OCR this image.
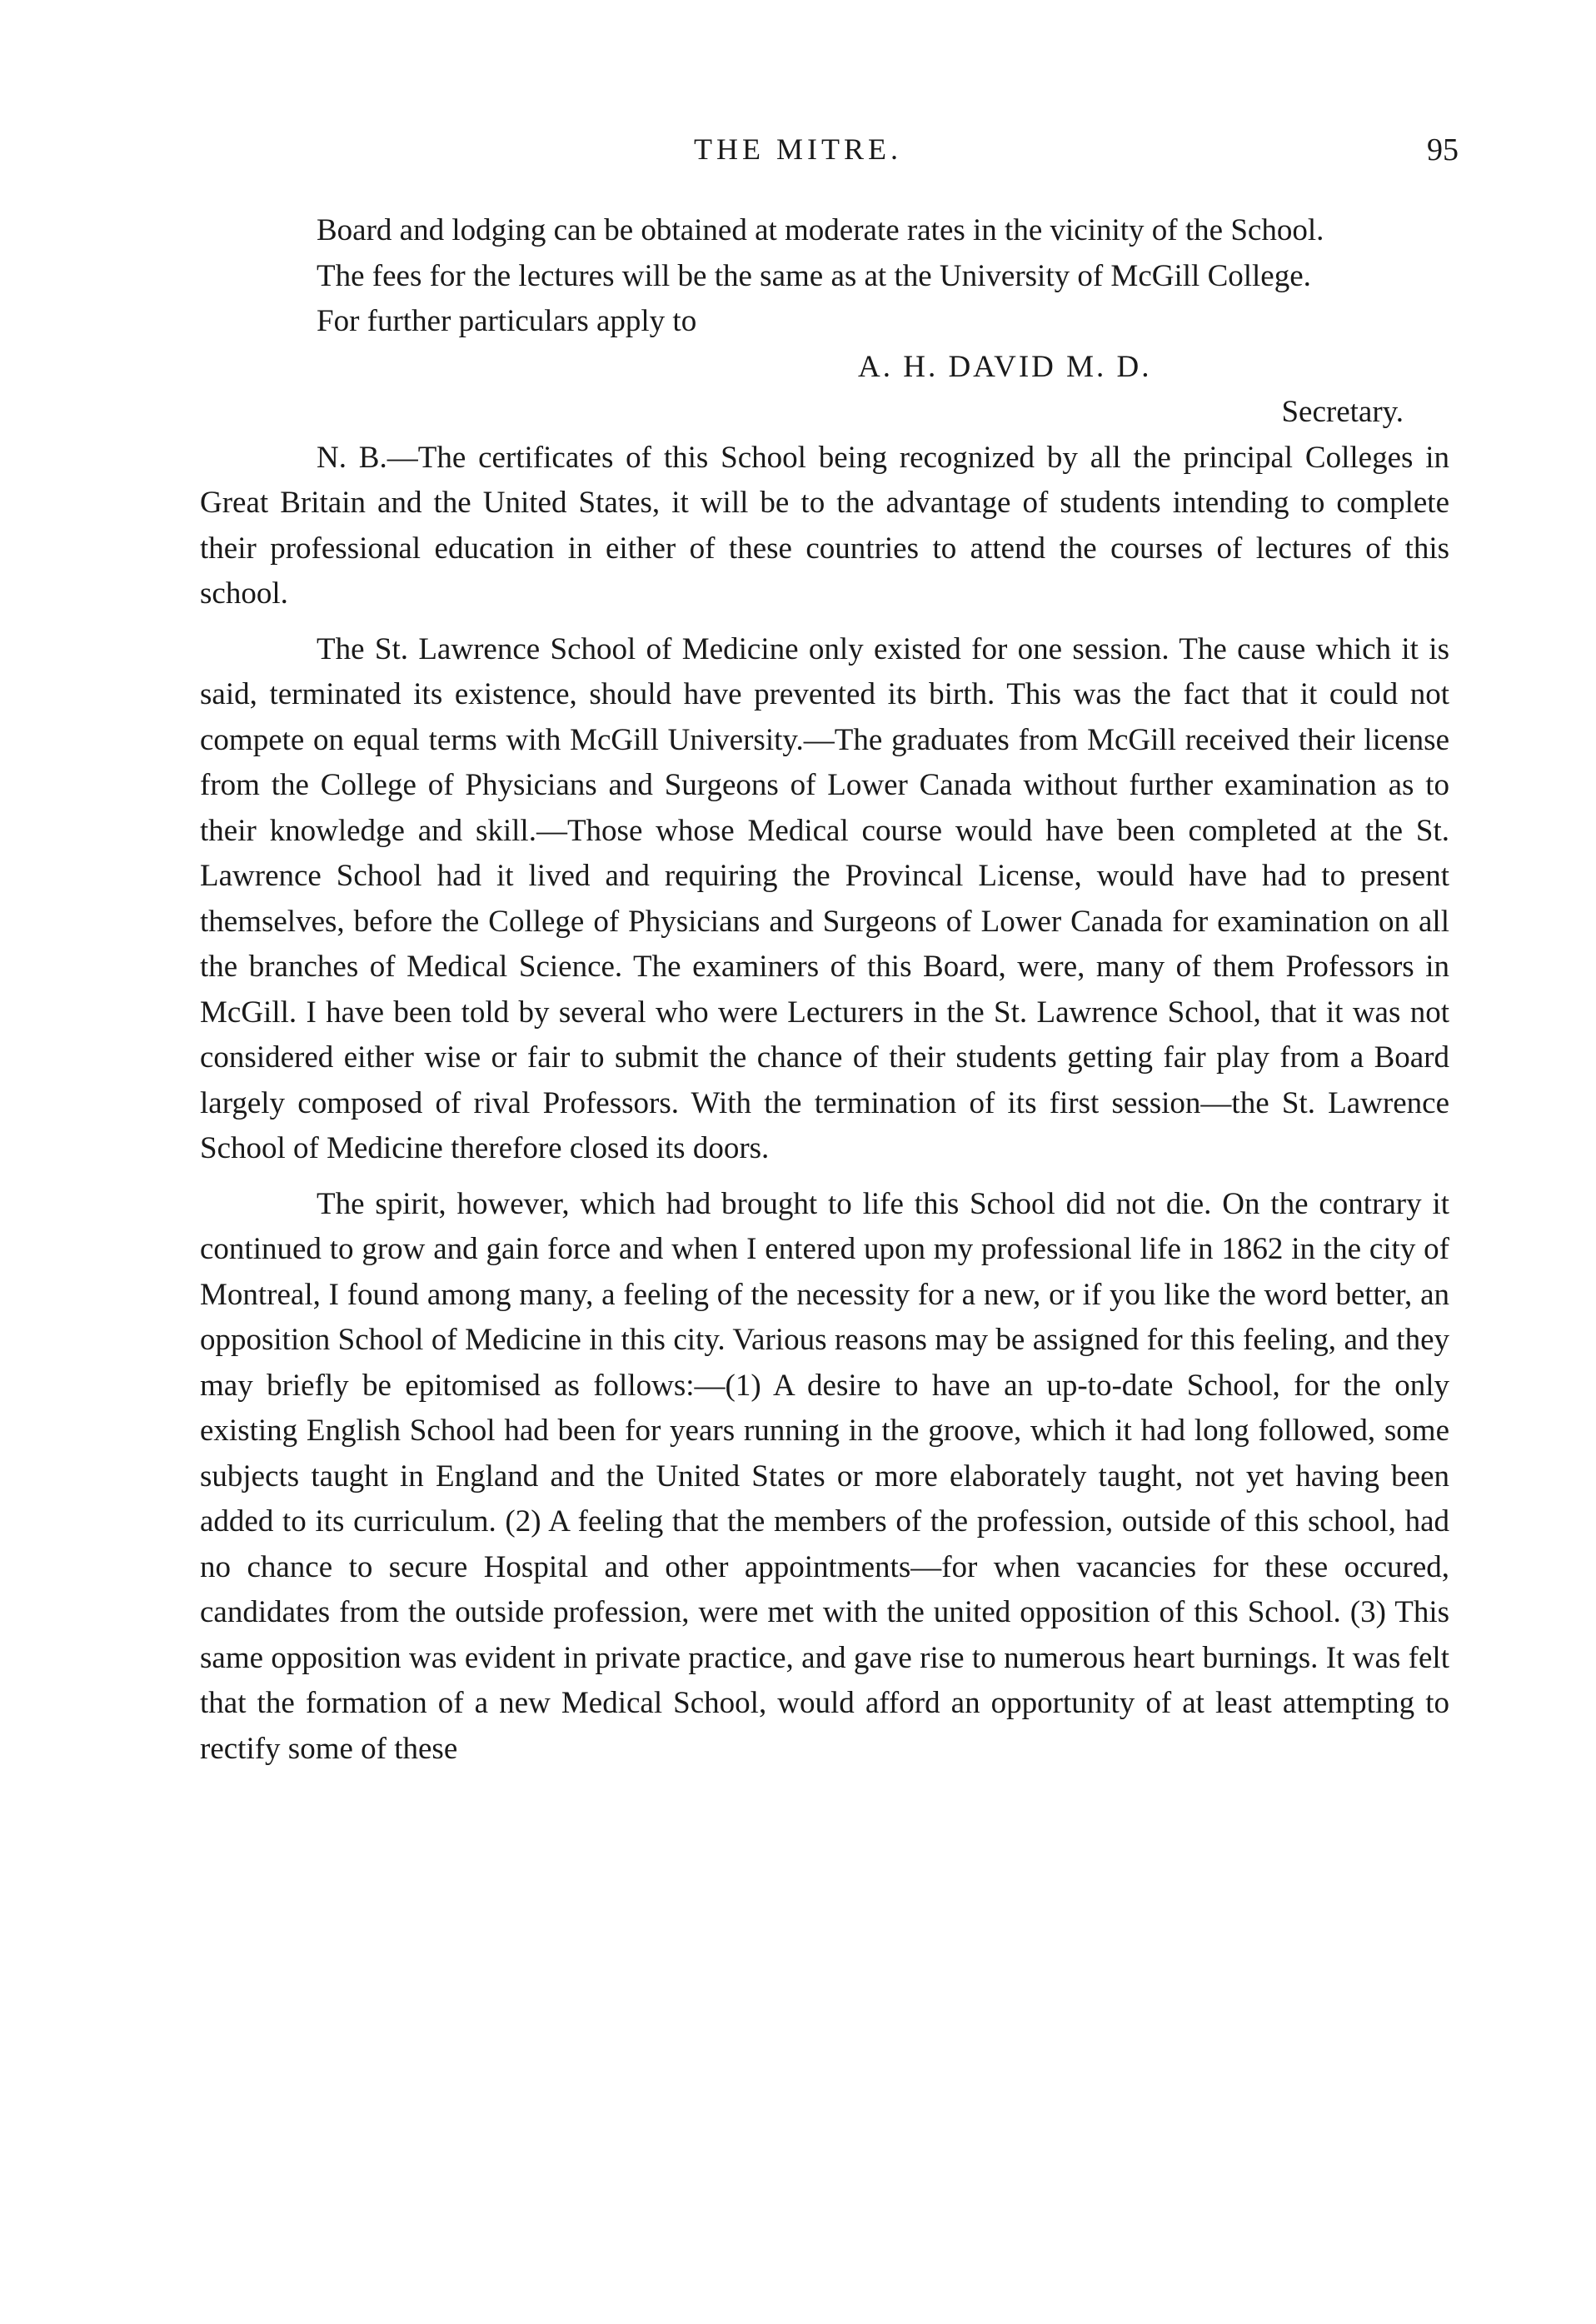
THE MITRE.	95

Board and lodging can be obtained at moderate rates in the vicinity of the School.

The fees for the lectures will be the same as at the University of McGill College.

For further particulars apply to

A. H. DAVID M. D.

Secretary.

N. B.—The certificates of this School being recognized by all the principal Colleges in Great Britain and the United States, it will be to the advantage of students intending to complete their professional education in either of these countries to attend the courses of lectures of this school.

The St. Lawrence School of Medicine only existed for one session. The cause which it is said, terminated its existence, should have prevented its birth. This was the fact that it could not compete on equal terms with McGill University.—The graduates from McGill received their license from the College of Physicians and Surgeons of Lower Canada without further examination as to their knowledge and skill.—Those whose Medical course would have been completed at the St. Lawrence School had it lived and requiring the Provincal License, would have had to present themselves, before the College of Physicians and Surgeons of Lower Canada for examination on all the branches of Medical Science. The examiners of this Board, were, many of them Professors in McGill. I have been told by several who were Lecturers in the St. Lawrence School, that it was not considered either wise or fair to submit the chance of their students getting fair play from a Board largely composed of rival Professors. With the termination of its first session—the St. Lawrence School of Medicine therefore closed its doors.

The spirit, however, which had brought to life this School did not die. On the contrary it continued to grow and gain force and when I entered upon my professional life in 1862 in the city of Montreal, I found among many, a feeling of the necessity for a new, or if you like the word better, an opposition School of Medicine in this city. Various reasons may be assigned for this feeling, and they may briefly be epitomised as follows:—(1) A desire to have an up-to-date School, for the only existing English School had been for years running in the groove, which it had long followed, some subjects taught in England and the United States or more elaborately taught, not yet having been added to its curriculum. (2) A feeling that the members of the profession, outside of this school, had no chance to secure Hospital and other appointments—for when vacancies for these occured, candidates from the outside profession, were met with the united opposition of this School. (3) This same opposition was evident in private practice, and gave rise to numerous heart burnings. It was felt that the formation of a new Medical School, would afford an opportunity of at least attempting to rectify some of these
